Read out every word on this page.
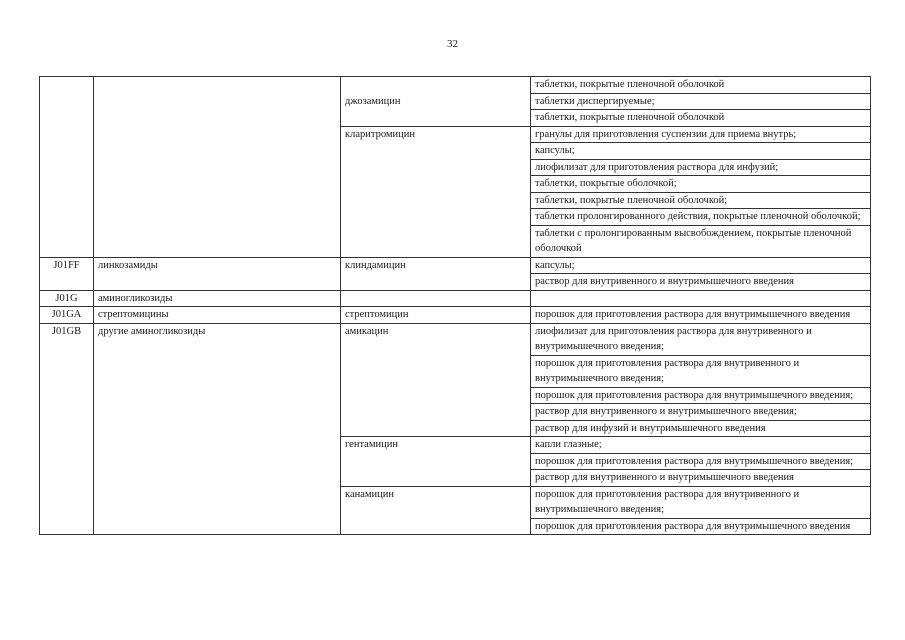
32
		джозамицин	таблетки, покрытые пленочной оболочкой
			таблетки диспергируемые;
			таблетки, покрытые пленочной оболочкой
		кларитромицин	гранулы для приготовления суспензии для приема внутрь;
			капсулы;
			лиофилизат для приготовления раствора для инфузий;
			таблетки, покрытые оболочкой;
			таблетки, покрытые пленочной оболочкой;
			таблетки пролонгированного действия, покрытые пленочной оболочкой;
			таблетки с пролонгированным высвобождением, покрытые пленочной оболочкой
J01FF	линкозамиды	клиндамицин	капсулы;
			раствор для внутривенного и внутримышечного введения
J01G	аминогликозиды		
J01GA	стрептомицины	стрептомицин	порошок для приготовления раствора для внутримышечного введения
J01GB	другие аминогликозиды	амикацин	лиофилизат для приготовления раствора для внутривенного и внутримышечного введения;
			порошок для приготовления раствора для внутривенного и внутримышечного введения;
			порошок для приготовления раствора для внутримышечного введения;
			раствор для внутривенного и внутримышечного введения;
			раствор для инфузий и внутримышечного введения
		гентамицин	капли глазные;
			порошок для приготовления раствора для внутримышечного введения;
			раствор для внутривенного и внутримышечного введения
		канамицин	порошок для приготовления раствора для внутривенного и внутримышечного введения;
			порошок для приготовления раствора для внутримышечного введения
